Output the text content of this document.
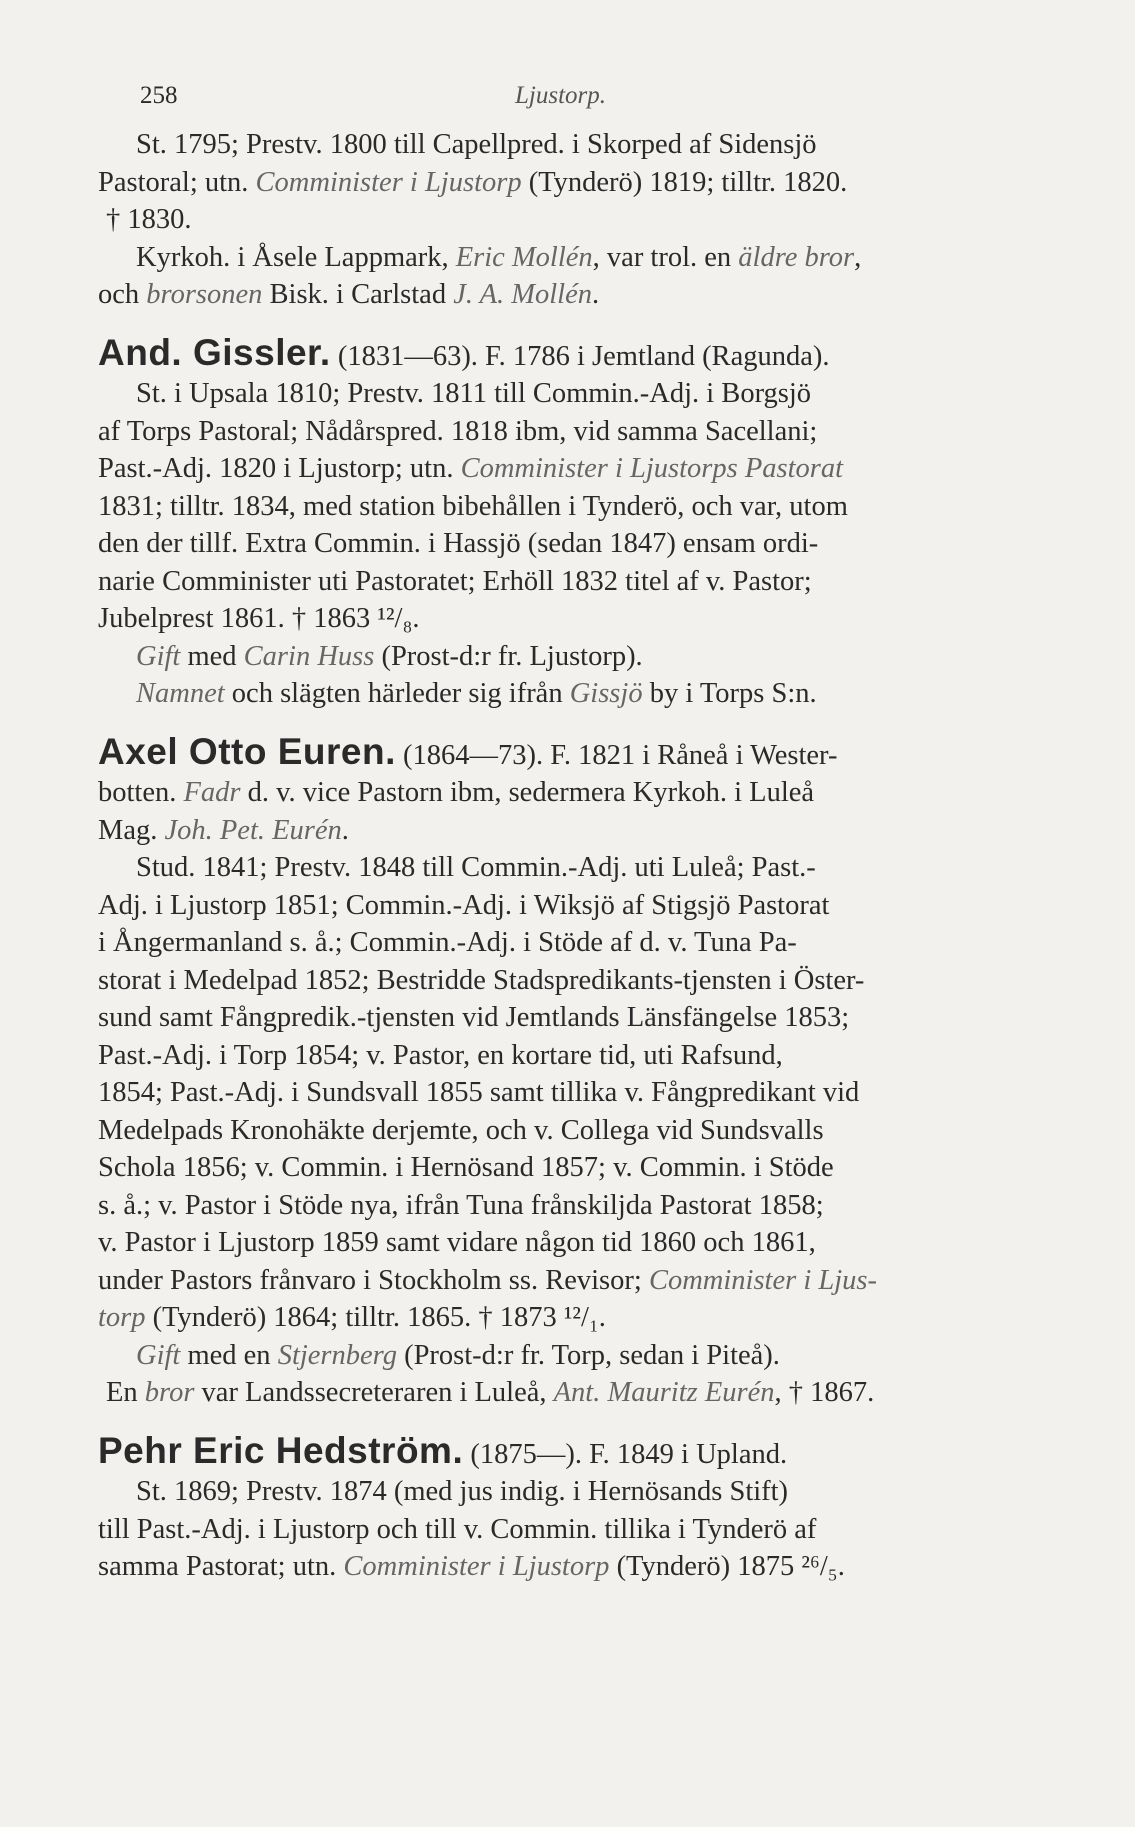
258	Ljustorp.
St. 1795; Prestv. 1800 till Capellpred. i Skorped af Sidensjö
Pastoral; utn. Comminister i Ljustorp (Tynderö) 1819; tilltr. 1820.
† 1830.
Kyrkoh. i Åsele Lappmark, Eric Mollén, var trol. en äldre bror,
och brorsonen Bisk. i Carlstad J. A. Mollén.
And. Gissler. (1831—63). F. 1786 i Jemtland (Ragunda).
St. i Upsala 1810; Prestv. 1811 till Commin.-Adj. i Borgsjö
af Torps Pastoral; Nådårspred. 1818 ibm, vid samma Sacellani;
Past.-Adj. 1820 i Ljustorp; utn. Comminister i Ljustorps Pastorat
1831; tilltr. 1834, med station bibehållen i Tynderö, och var, utom
den der tillf. Extra Commin. i Hassjö (sedan 1847) ensam ordi-
narie Comminister uti Pastoratet; Erhöll 1832 titel af v. Pastor;
Jubelprest 1861. † 1863 ¹²/₈.
Gift med Carin Huss (Prost-d:r fr. Ljustorp).
Namnet och slägten härleder sig ifrån Gissjö by i Torps S:n.
Axel Otto Euren. (1864—73). F. 1821 i Råneå i Wester-
botten. Fadr d. v. vice Pastorn ibm, sedermera Kyrkoh. i Luleå
Mag. Joh. Pet. Eurén.
Stud. 1841; Prestv. 1848 till Commin.-Adj. uti Luleå; Past.-
Adj. i Ljustorp 1851; Commin.-Adj. i Wiksjö af Stigsjö Pastorat
i Ångermanland s. å.; Commin.-Adj. i Stöde af d. v. Tuna Pa-
storat i Medelpad 1852; Bestridde Stadspredikants-tjensten i Öster-
sund samt Fångpredik.-tjensten vid Jemtlands Länsfängelse 1853;
Past.-Adj. i Torp 1854; v. Pastor, en kortare tid, uti Rafsund,
1854; Past.-Adj. i Sundsvall 1855 samt tillika v. Fångpredikant vid
Medelpads Kronohäkte derjemte, och v. Collega vid Sundsvalls
Schola 1856; v. Commin. i Hernösand 1857; v. Commin. i Stöde
s. å.; v. Pastor i Stöde nya, ifrån Tuna frånskiljda Pastorat 1858;
v. Pastor i Ljustorp 1859 samt vidare någon tid 1860 och 1861,
under Pastors frånvaro i Stockholm ss. Revisor; Comminister i Ljus-
torp (Tynderö) 1864; tilltr. 1865. † 1873 ¹²/₁.
Gift med en Stjernberg (Prost-d:r fr. Torp, sedan i Piteå).
En bror var Landssecreteraren i Luleå, Ant. Mauritz Eurén, † 1867.
Pehr Eric Hedström. (1875—). F. 1849 i Upland.
St. 1869; Prestv. 1874 (med jus indig. i Hernösands Stift)
till Past.-Adj. i Ljustorp och till v. Commin. tillika i Tynderö af
samma Pastorat; utn. Comminister i Ljustorp (Tynderö) 1875 ²⁶/₅.
